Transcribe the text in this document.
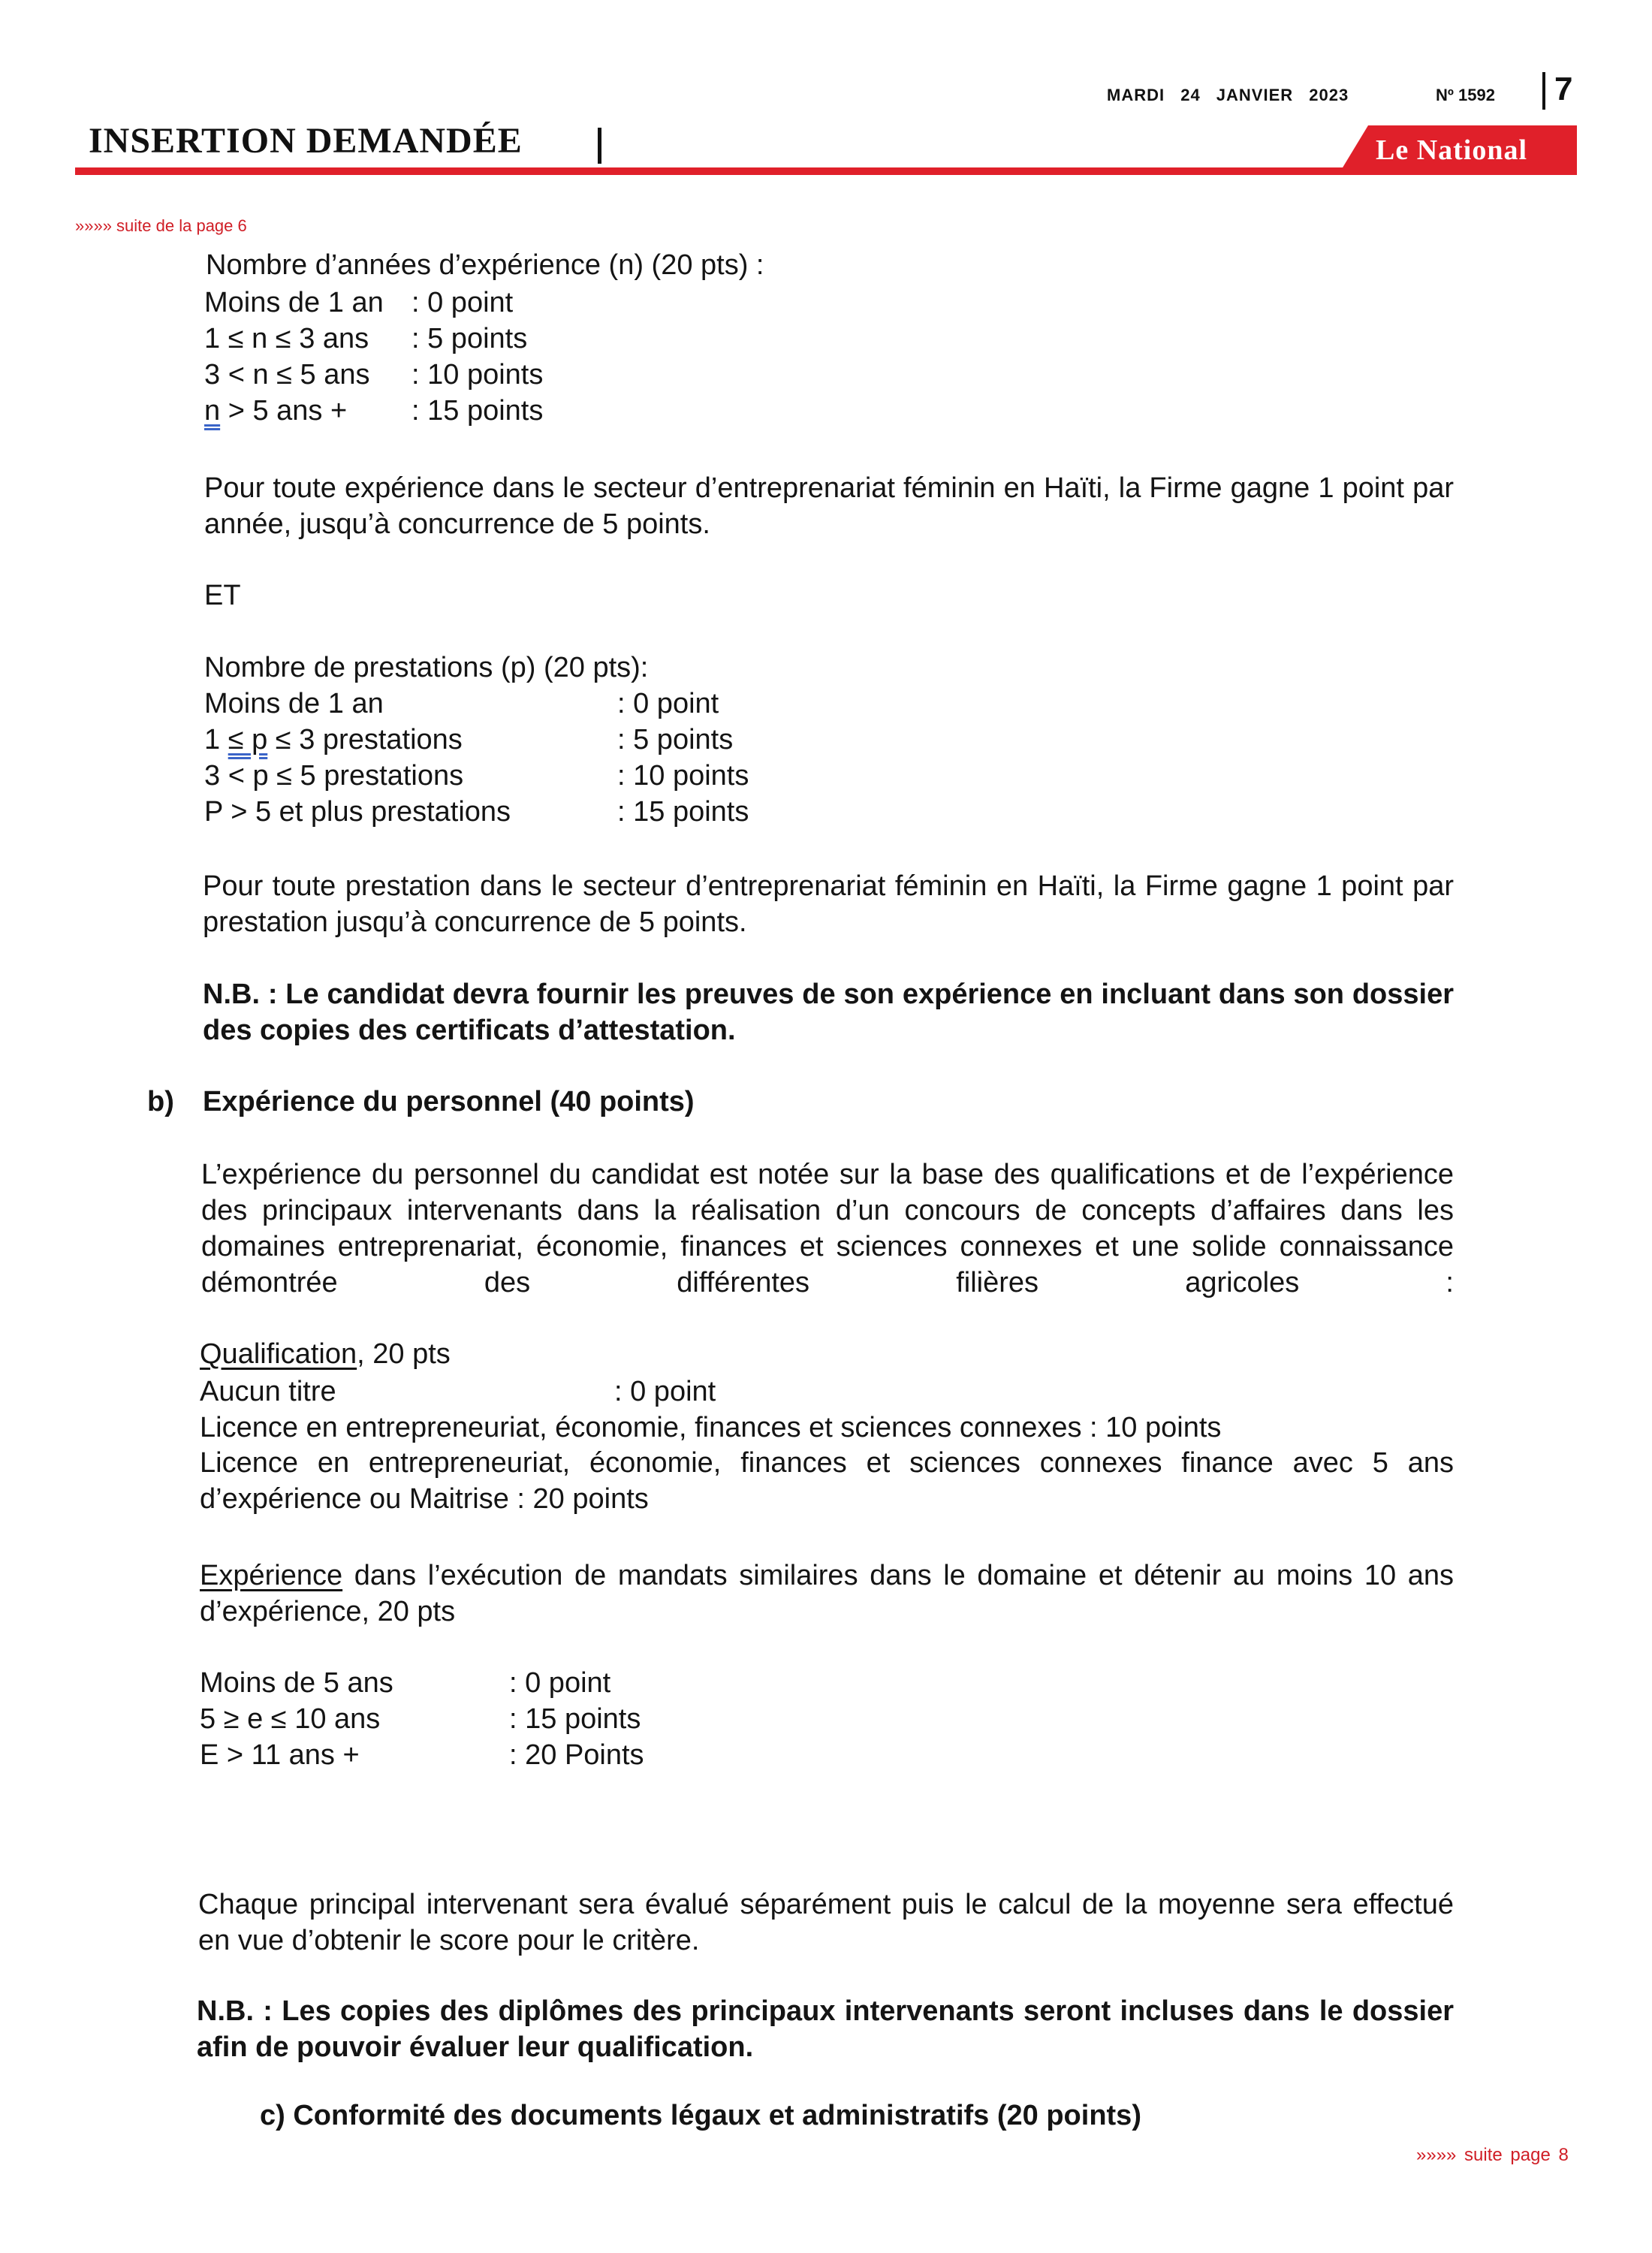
MARDI 24 JANVIER 2023	Nº 1592 7
INSERTION DEMANDÉE	Le National
»»»» suite de la page 6
Nombre d’années d’expérience (n) (20 pts) :
Moins de 1 an : 0 point
1 ≤ n ≤ 3 ans : 5 points
3 < n ≤ 5 ans : 10 points
n > 5 ans + : 15 points
Pour toute expérience dans le secteur d’entreprenariat féminin en Haïti, la Firme gagne 1 point par année, jusqu’à concurrence de 5 points.
ET
Nombre de prestations (p) (20 pts):
Moins de 1 an	: 0 point
1 ≤ p ≤ 3 prestations	: 5 points
3 < p ≤ 5 prestations	: 10 points
P > 5 et plus prestations	: 15 points
Pour toute prestation dans le secteur d’entreprenariat féminin en Haïti, la Firme gagne 1 point par prestation jusqu’à concurrence de 5 points.
N.B. : Le candidat devra fournir les preuves de son expérience en incluant dans son dossier des copies des certificats d’attestation.
b) Expérience du personnel (40 points)
L’expérience du personnel du candidat est notée sur la base des qualifications et de l’expérience des principaux intervenants dans la réalisation d’un concours de concepts d’affaires dans les domaines entreprenariat, économie, finances et sciences connexes et une solide connaissance démontrée des différentes filières agricoles :
Qualification, 20 pts
Aucun titre	: 0 point
Licence en entrepreneuriat, économie, finances et sciences connexes : 10 points
Licence en entrepreneuriat, économie, finances et sciences connexes finance avec 5 ans d’expérience ou Maitrise : 20 points
Expérience dans l’exécution de mandats similaires dans le domaine et détenir au moins 10 ans d’expérience, 20 pts
Moins de 5 ans	: 0 point
5 ≥ e ≤ 10 ans	: 15 points
E > 11 ans +	: 20 Points
Chaque principal intervenant sera évalué séparément puis le calcul de la moyenne sera effectué en vue d’obtenir le score pour le critère.
N.B. : Les copies des diplômes des principaux intervenants seront incluses dans le dossier afin de pouvoir évaluer leur qualification.
c) Conformité des documents légaux et administratifs (20 points)
»»»» suite page 8
